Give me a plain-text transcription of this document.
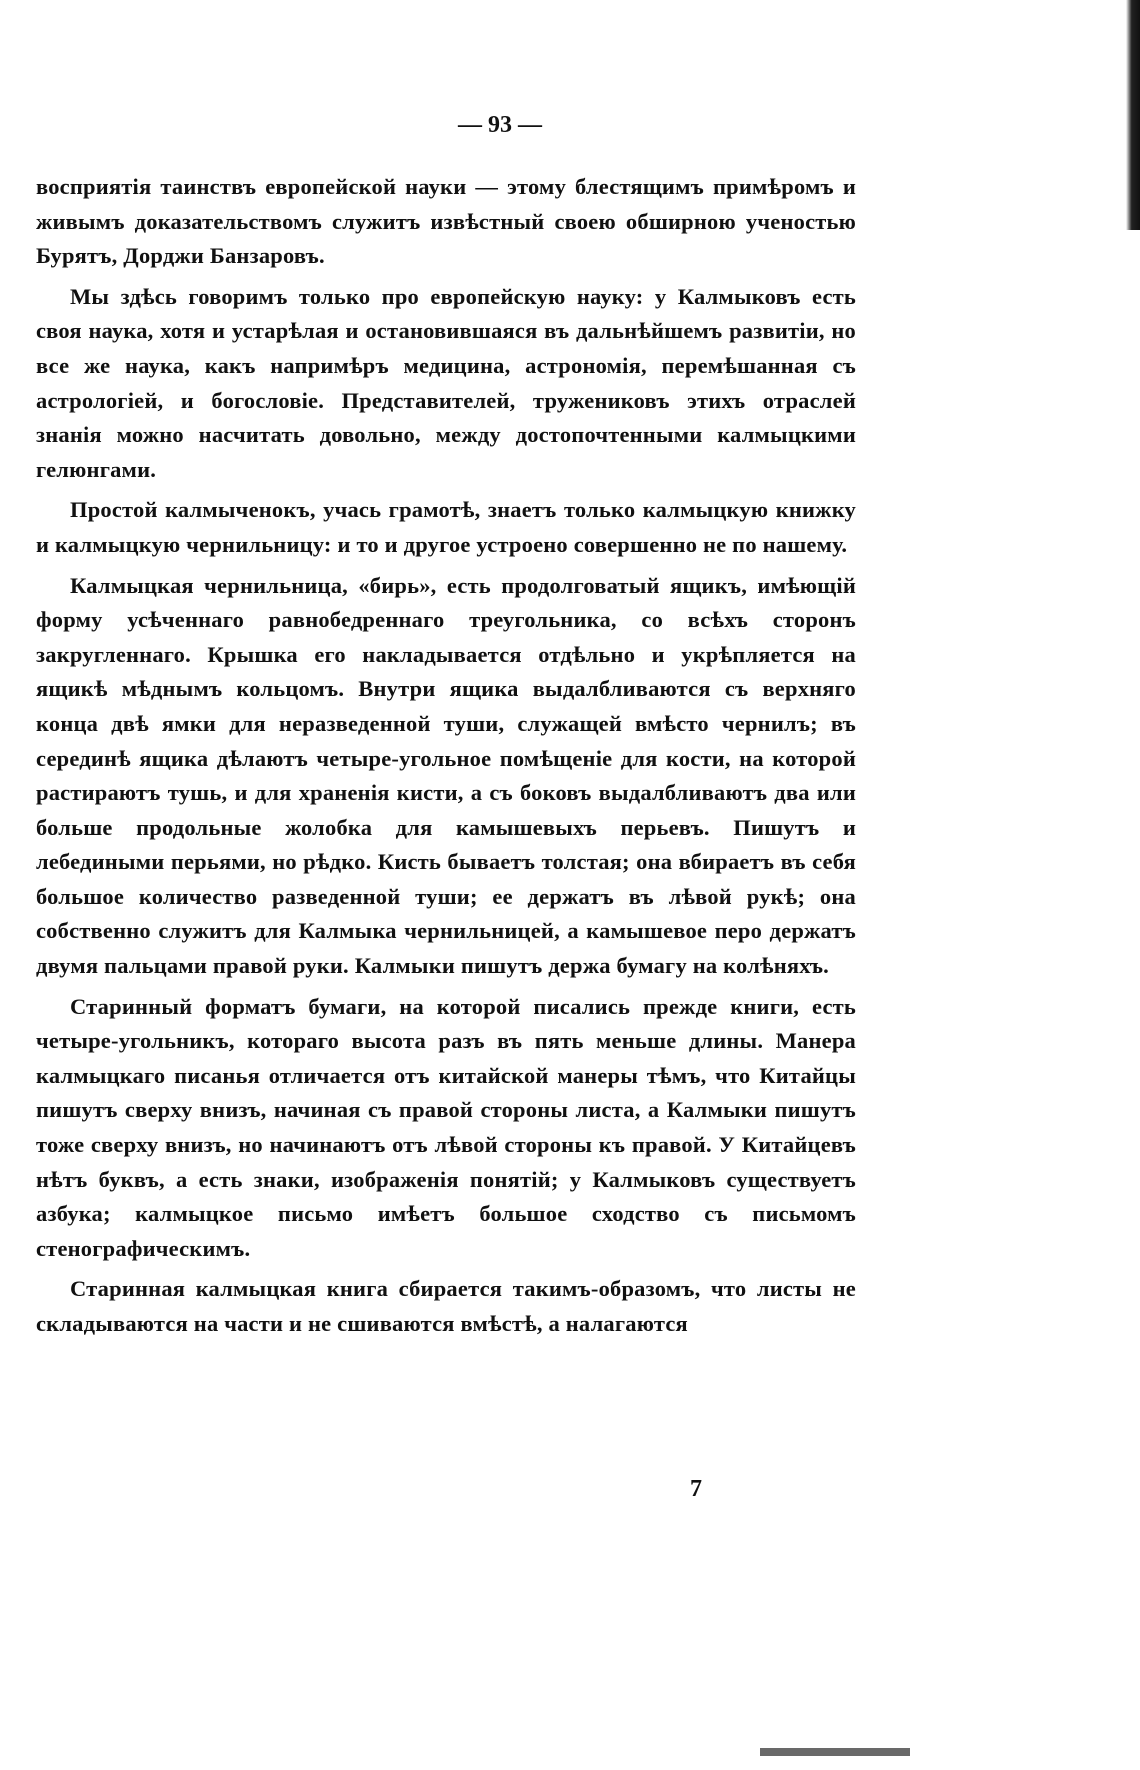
— 93 —

восприятія таинствъ европейской науки — этому блестящимъ примѣромъ и живымъ доказательствомъ служитъ извѣстный своею обширною ученостью Бурятъ, Дорджи Банзаровъ.

Мы здѣсь говоримъ только про европейскую науку: у Калмыковъ есть своя наука, хотя и устарѣлая и остановившаяся въ дальнѣйшемъ развитіи, но все же наука, какъ напримѣръ медицина, астрономія, перемѣшанная съ астрологіей, и богословіе. Представителей, тружениковъ этихъ отраслей знанія можно насчитать довольно, между достопочтенными калмыцкими гелюнгами.

Простой калмыченокъ, учась грамотѣ, знаетъ только калмыцкую книжку и калмыцкую чернильницу: и то и другое устроено совершенно не по нашему.

Калмыцкая чернильница, «бирь», есть продолговатый ящикъ, имѣющій форму усѣченнаго равнобедреннаго треугольника, со всѣхъ сторонъ закругленнаго. Крышка его накладывается отдѣльно и укрѣпляется на ящикѣ мѣднымъ кольцомъ. Внутри ящика выдалбливаются съ верхняго конца двѣ ямки для неразведенной туши, служащей вмѣсто чернилъ; въ серединѣ ящика дѣлаютъ четыре-угольное помѣщеніе для кости, на которой растираютъ тушь, и для храненія кисти, а съ боковъ выдалбливаютъ два или больше продольные жолобка для камышевыхъ перьевъ. Пишутъ и лебедиными перьями, но рѣдко. Кисть бываетъ толстая; она вбираетъ въ себя большое количество разведенной туши; ее держатъ въ лѣвой рукѣ; она собственно служитъ для Калмыка чернильницей, а камышевое перо держатъ двумя пальцами правой руки. Калмыки пишутъ держа бумагу на колѣняхъ.

Старинный форматъ бумаги, на которой писались прежде книги, есть четыре-угольникъ, котораго высота разъ въ пять меньше длины. Манера калмыцкаго писанья отличается отъ китайской манеры тѣмъ, что Китайцы пишутъ сверху внизъ, начиная съ правой стороны листа, а Калмыки пишутъ тоже сверху внизъ, но начинаютъ отъ лѣвой стороны къ правой. У Китайцевъ нѣтъ буквъ, а есть знаки, изображенія понятій; у Калмыковъ существуетъ азбука; калмыцкое письмо имѣетъ большое сходство съ письмомъ стенографическимъ.

Старинная калмыцкая книга сбирается такимъ-образомъ, что листы не складываются на части и не сшиваются вмѣстѣ, а налагаются

7
